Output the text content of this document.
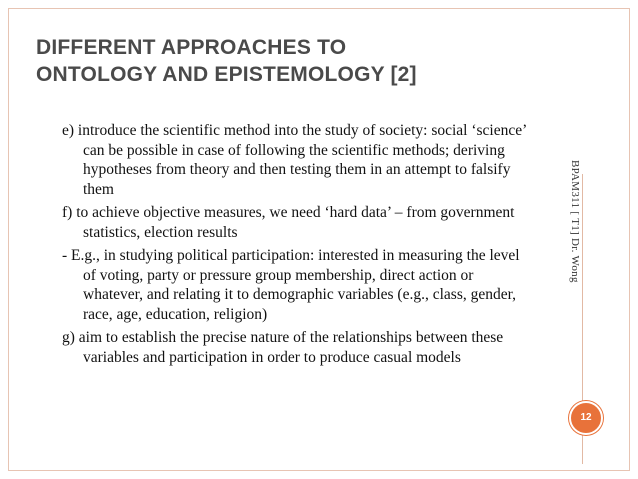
DIFFERENT APPROACHES TO
ONTOLOGY AND EPISTEMOLOGY [2]

e) introduce the scientific method into the study of society: social ‘science’ can be possible in case of following the scientific methods; deriving hypotheses from theory and then testing them in an attempt to falsify them

f) to achieve objective measures, we need ‘hard data’ – from government statistics, election results

- E.g., in studying political participation: interested in measuring the level of voting, party or pressure group membership, direct action or whatever, and relating it to demographic variables (e.g., class, gender, race, age, education, religion)

g) aim to establish the precise nature of the relationships between these variables and participation in order to produce casual models

BPAM311 [ T1] Dr. Wong
12
